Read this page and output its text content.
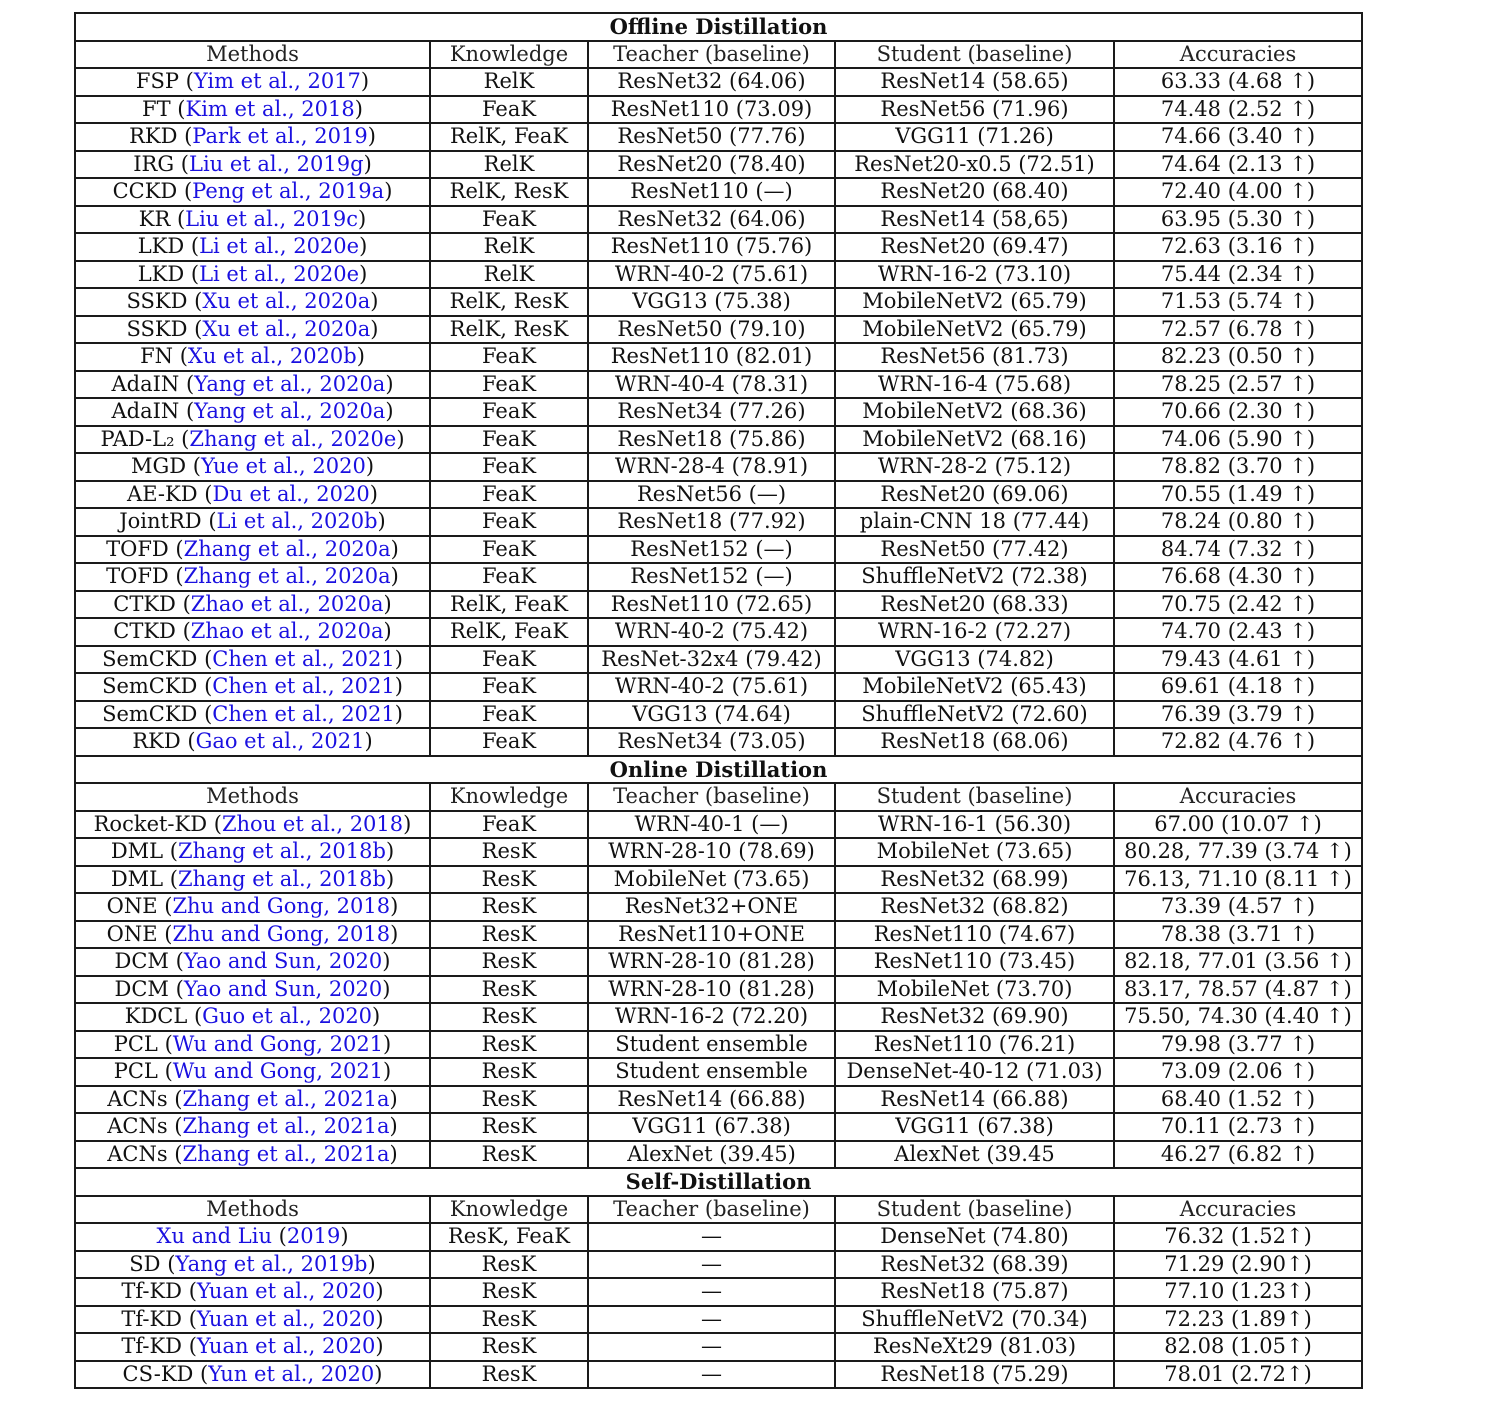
Offline Distillation				
Methods	Knowledge	Teacher (baseline)	Student (baseline)	Accuracies
FSP (Yim et al., 2017)	RelK	ResNet32 (64.06)	ResNet14 (58.65)	63.33 (4.68 ↑)
FT (Kim et al., 2018)	FeaK	ResNet110 (73.09)	ResNet56 (71.96)	74.48 (2.52 ↑)
RKD (Park et al., 2019)	RelK, FeaK	ResNet50 (77.76)	VGG11 (71.26)	74.66 (3.40 ↑)
IRG (Liu et al., 2019g)	RelK	ResNet20 (78.40)	ResNet20-x0.5 (72.51)	74.64 (2.13 ↑)
CCKD (Peng et al., 2019a)	RelK, ResK	ResNet110 (—)	ResNet20 (68.40)	72.40 (4.00 ↑)
KR (Liu et al., 2019c)	FeaK	ResNet32 (64.06)	ResNet14 (58,65)	63.95 (5.30 ↑)
LKD (Li et al., 2020e)	RelK	ResNet110 (75.76)	ResNet20 (69.47)	72.63 (3.16 ↑)
LKD (Li et al., 2020e)	RelK	WRN-40-2 (75.61)	WRN-16-2 (73.10)	75.44 (2.34 ↑)
SSKD (Xu et al., 2020a)	RelK, ResK	VGG13 (75.38)	MobileNetV2 (65.79)	71.53 (5.74 ↑)
SSKD (Xu et al., 2020a)	RelK, ResK	ResNet50 (79.10)	MobileNetV2 (65.79)	72.57 (6.78 ↑)
FN (Xu et al., 2020b)	FeaK	ResNet110 (82.01)	ResNet56 (81.73)	82.23 (0.50 ↑)
AdaIN (Yang et al., 2020a)	FeaK	WRN-40-4 (78.31)	WRN-16-4 (75.68)	78.25 (2.57 ↑)
AdaIN (Yang et al., 2020a)	FeaK	ResNet34 (77.26)	MobileNetV2 (68.36)	70.66 (2.30 ↑)
PAD-L₂ (Zhang et al., 2020e)	FeaK	ResNet18 (75.86)	MobileNetV2 (68.16)	74.06 (5.90 ↑)
MGD (Yue et al., 2020)	FeaK	WRN-28-4 (78.91)	WRN-28-2 (75.12)	78.82 (3.70 ↑)
AE-KD (Du et al., 2020)	FeaK	ResNet56 (—)	ResNet20 (69.06)	70.55 (1.49 ↑)
JointRD (Li et al., 2020b)	FeaK	ResNet18 (77.92)	plain-CNN 18 (77.44)	78.24 (0.80 ↑)
TOFD (Zhang et al., 2020a)	FeaK	ResNet152 (—)	ResNet50 (77.42)	84.74 (7.32 ↑)
TOFD (Zhang et al., 2020a)	FeaK	ResNet152 (—)	ShuffleNetV2 (72.38)	76.68 (4.30 ↑)
CTKD (Zhao et al., 2020a)	RelK, FeaK	ResNet110 (72.65)	ResNet20 (68.33)	70.75 (2.42 ↑)
CTKD (Zhao et al., 2020a)	RelK, FeaK	WRN-40-2 (75.42)	WRN-16-2 (72.27)	74.70 (2.43 ↑)
SemCKD (Chen et al., 2021)	FeaK	ResNet-32x4 (79.42)	VGG13 (74.82)	79.43 (4.61 ↑)
SemCKD (Chen et al., 2021)	FeaK	WRN-40-2 (75.61)	MobileNetV2 (65.43)	69.61 (4.18 ↑)
SemCKD (Chen et al., 2021)	FeaK	VGG13 (74.64)	ShuffleNetV2 (72.60)	76.39 (3.79 ↑)
RKD (Gao et al., 2021)	FeaK	ResNet34 (73.05)	ResNet18 (68.06)	72.82 (4.76 ↑)
Online Distillation				
Methods	Knowledge	Teacher (baseline)	Student (baseline)	Accuracies
Rocket-KD (Zhou et al., 2018)	FeaK	WRN-40-1 (—)	WRN-16-1 (56.30)	67.00 (10.07 ↑)
DML (Zhang et al., 2018b)	ResK	WRN-28-10 (78.69)	MobileNet (73.65)	80.28, 77.39 (3.74 ↑)
DML (Zhang et al., 2018b)	ResK	MobileNet (73.65)	ResNet32 (68.99)	76.13, 71.10 (8.11 ↑)
ONE (Zhu and Gong, 2018)	ResK	ResNet32+ONE	ResNet32 (68.82)	73.39 (4.57 ↑)
ONE (Zhu and Gong, 2018)	ResK	ResNet110+ONE	ResNet110 (74.67)	78.38 (3.71 ↑)
DCM (Yao and Sun, 2020)	ResK	WRN-28-10 (81.28)	ResNet110 (73.45)	82.18, 77.01 (3.56 ↑)
DCM (Yao and Sun, 2020)	ResK	WRN-28-10 (81.28)	MobileNet (73.70)	83.17, 78.57 (4.87 ↑)
KDCL (Guo et al., 2020)	ResK	WRN-16-2 (72.20)	ResNet32 (69.90)	75.50, 74.30 (4.40 ↑)
PCL (Wu and Gong, 2021)	ResK	Student ensemble	ResNet110 (76.21)	79.98 (3.77 ↑)
PCL (Wu and Gong, 2021)	ResK	Student ensemble	DenseNet-40-12 (71.03)	73.09 (2.06 ↑)
ACNs (Zhang et al., 2021a)	ResK	ResNet14 (66.88)	ResNet14 (66.88)	68.40 (1.52 ↑)
ACNs (Zhang et al., 2021a)	ResK	VGG11 (67.38)	VGG11 (67.38)	70.11 (2.73 ↑)
ACNs (Zhang et al., 2021a)	ResK	AlexNet (39.45)	AlexNet (39.45	46.27 (6.82 ↑)
Self-Distillation				
Methods	Knowledge	Teacher (baseline)	Student (baseline)	Accuracies
Xu and Liu (2019)	ResK, FeaK	—	DenseNet (74.80)	76.32 (1.52↑)
SD (Yang et al., 2019b)	ResK	—	ResNet32 (68.39)	71.29 (2.90↑)
Tf-KD (Yuan et al., 2020)	ResK	—	ResNet18 (75.87)	77.10 (1.23↑)
Tf-KD (Yuan et al., 2020)	ResK	—	ShuffleNetV2 (70.34)	72.23 (1.89↑)
Tf-KD (Yuan et al., 2020)	ResK	—	ResNeXt29 (81.03)	82.08 (1.05↑)
CS-KD (Yun et al., 2020)	ResK	—	ResNet18 (75.29)	78.01 (2.72↑)
